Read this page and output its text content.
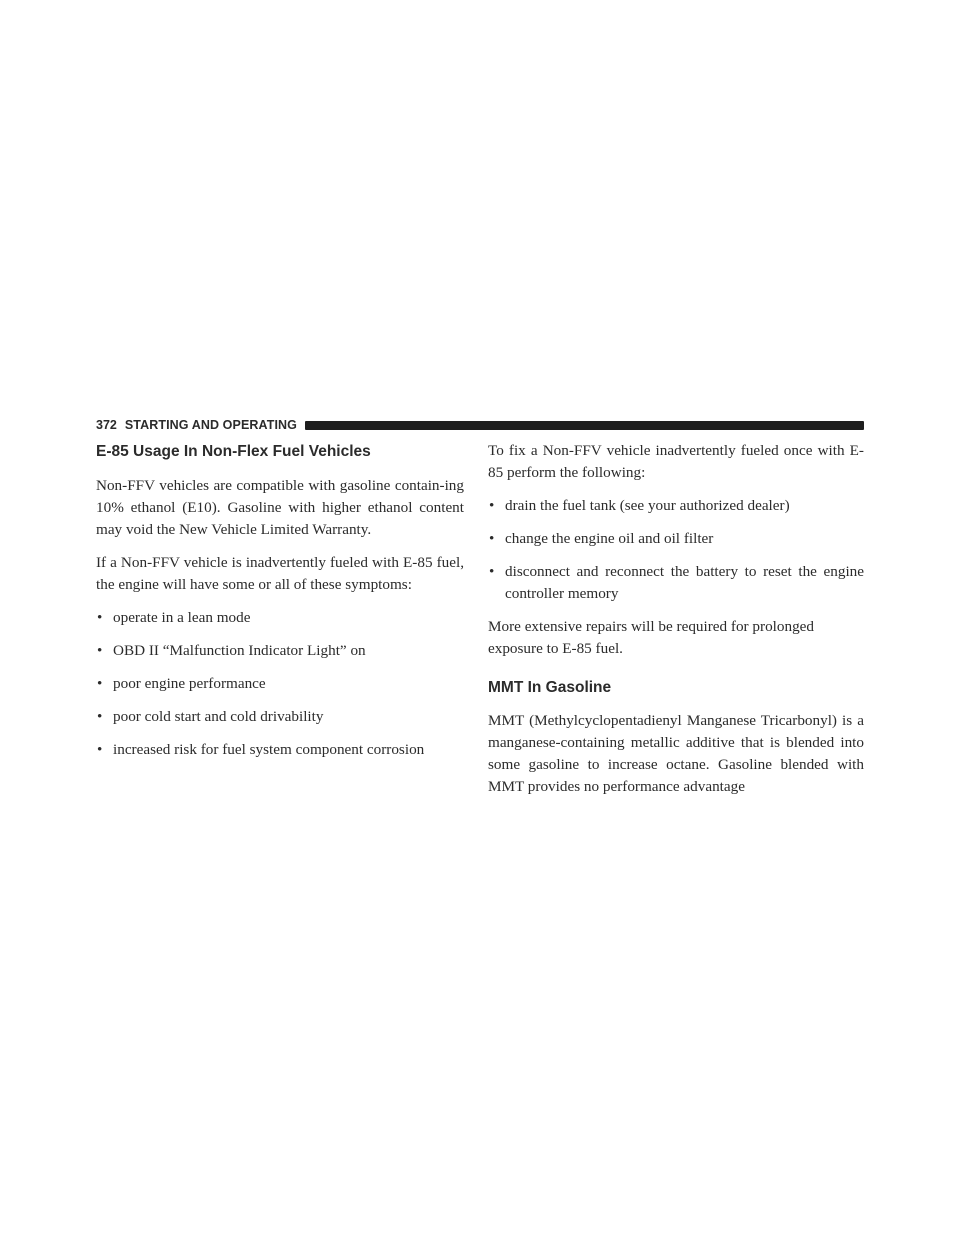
372 STARTING AND OPERATING
E-85 Usage In Non-Flex Fuel Vehicles

Non-FFV vehicles are compatible with gasoline contain-ing 10% ethanol (E10). Gasoline with higher ethanol content may void the New Vehicle Limited Warranty.

If a Non-FFV vehicle is inadvertently fueled with E-85 fuel, the engine will have some or all of these symptoms:

• operate in a lean mode
• OBD II “Malfunction Indicator Light” on
• poor engine performance
• poor cold start and cold drivability
• increased risk for fuel system component corrosion

To fix a Non-FFV vehicle inadvertently fueled once with E-85 perform the following:

• drain the fuel tank (see your authorized dealer)
• change the engine oil and oil filter
• disconnect and reconnect the battery to reset the engine controller memory

More extensive repairs will be required for prolonged exposure to E-85 fuel.

MMT In Gasoline

MMT (Methylcyclopentadienyl Manganese Tricarbonyl) is a manganese-containing metallic additive that is blended into some gasoline to increase octane. Gasoline blended with MMT provides no performance advantage
